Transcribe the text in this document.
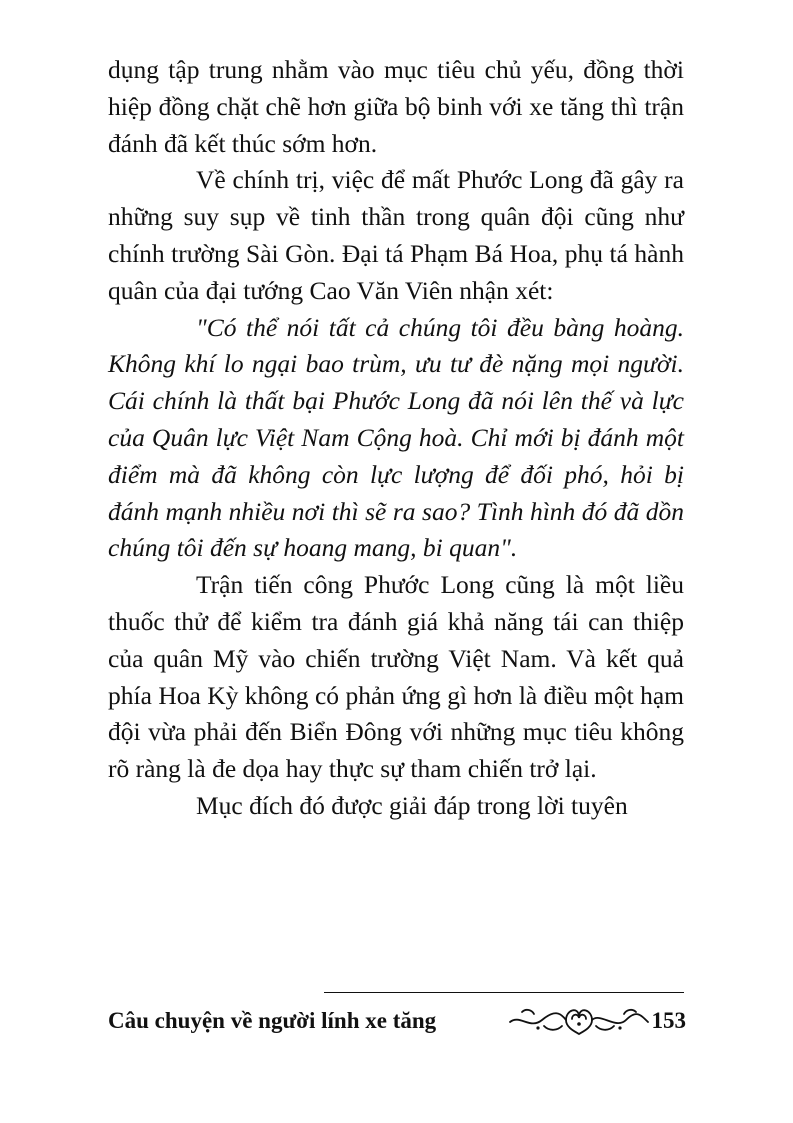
dụng tập trung nhằm vào mục tiêu chủ yếu, đồng thời hiệp đồng chặt chẽ hơn giữa bộ binh với xe tăng thì trận đánh đã kết thúc sớm hơn.

Về chính trị, việc để mất Phước Long đã gây ra những suy sụp về tinh thần trong quân đội cũng như chính trường Sài Gòn. Đại tá Phạm Bá Hoa, phụ tá hành quân của đại tướng Cao Văn Viên nhận xét:

"Có thể nói tất cả chúng tôi đều bàng hoàng. Không khí lo ngại bao trùm, ưu tư đè nặng mọi người. Cái chính là thất bại Phước Long đã nói lên thế và lực của Quân lực Việt Nam Cộng hoà. Chỉ mới bị đánh một điểm mà đã không còn lực lượng để đối phó, hỏi bị đánh mạnh nhiều nơi thì sẽ ra sao? Tình hình đó đã dồn chúng tôi đến sự hoang mang, bi quan".

Trận tiến công Phước Long cũng là một liều thuốc thử để kiểm tra đánh giá khả năng tái can thiệp của quân Mỹ vào chiến trường Việt Nam. Và kết quả phía Hoa Kỳ không có phản ứng gì hơn là điều một hạm đội vừa phải đến Biển Đông với những mục tiêu không rõ ràng là đe dọa hay thực sự tham chiến trở lại.

Mục đích đó được giải đáp trong lời tuyên

Câu chuyện về người lính xe tăng	153
